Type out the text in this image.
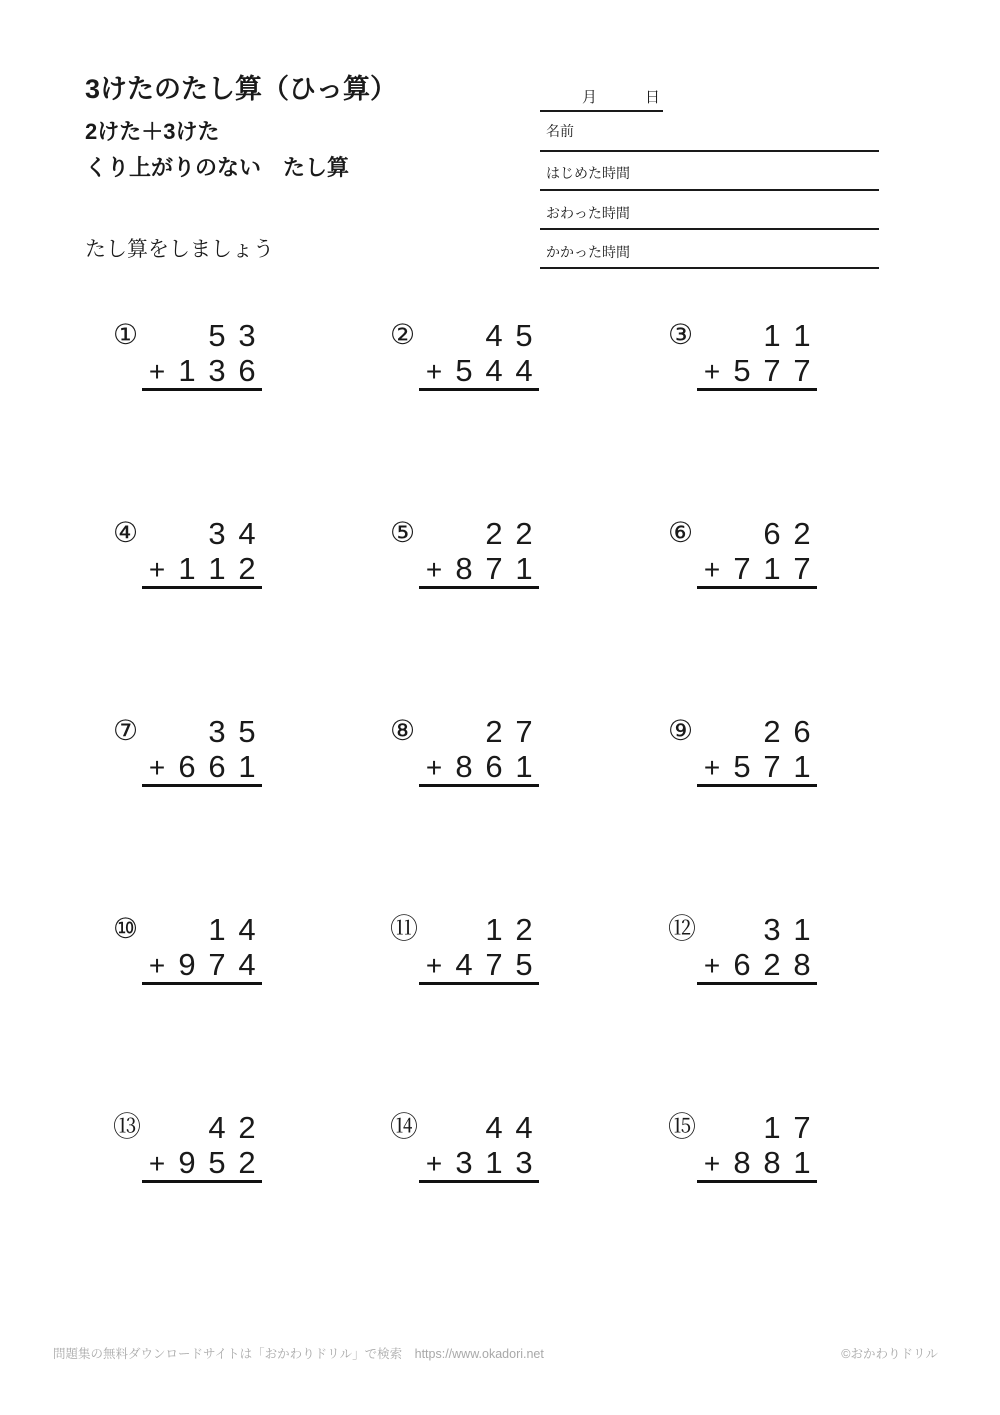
3けたのたし算（ひっ算）
2けた＋3けた
くり上がりのない　たし算
たし算をしましょう
月	日
名前
はじめた時間
おわった時間
かかった時間
① 5 3
+ 1 3 6
② 4 5
+ 5 4 4
③ 1 1
+ 5 7 7
④ 3 4
+ 1 1 2
⑤ 2 2
+ 8 7 1
⑥ 6 2
+ 7 1 7
⑦ 3 5
+ 6 6 1
⑧ 2 7
+ 8 6 1
⑨ 2 6
+ 5 7 1
⑩ 1 4
+ 9 7 4
⑪ 1 2
+ 4 7 5
⑫ 3 1
+ 6 2 8
⑬ 4 2
+ 9 5 2
⑭ 4 4
+ 3 1 3
⑮ 1 7
+ 8 8 1
問題集の無料ダウンロードサイトは「おかわりドリル」で検索　https://www.okadori.net	©おかわりドリル
